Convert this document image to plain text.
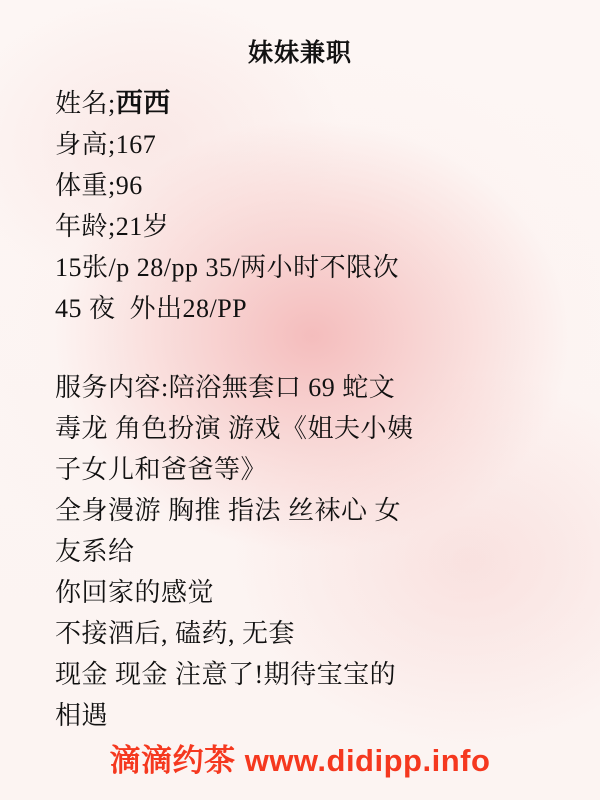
妹妹兼职
姓名;西西
身高;167
体重;96
年龄;21岁
15张/p 28/pp 35/两小时不限次
45 夜  外出28/PP
服务内容:陪浴無套口 69 蛇文
毒龙 角色扮演 游戏《姐夫小姨
子女儿和爸爸等》
全身漫游 胸推 指法 丝袜心 女
友系给
你回家的感觉
不接酒后, 磕药, 无套
现金 现金 注意了!期待宝宝的
相遇
滴滴约茶 www.didipp.info
